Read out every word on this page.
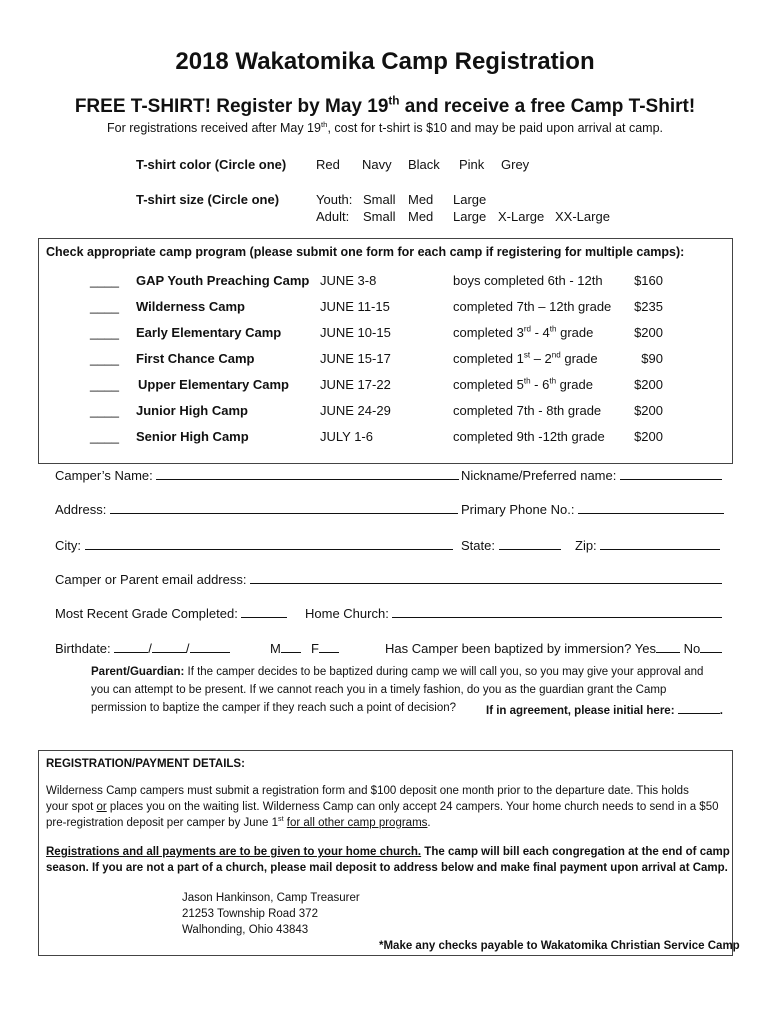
2018 Wakatomika Camp Registration
FREE T-SHIRT! Register by May 19th and receive a free Camp T-Shirt!
For registrations received after May 19th, cost for t-shirt is $10 and may be paid upon arrival at camp.
T-shirt color (Circle one) Red Navy Black Pink Grey
T-shirt size (Circle one)	Youth: Small Med Large
Adult: Small Med Large X-Large XX-Large
Check appropriate camp program (please submit one form for each camp if registering for multiple camps):
____ GAP Youth Preaching Camp JUNE 3-8	boys completed 6th - 12th $160
____ Wilderness Camp	JUNE 11-15	completed 7th – 12th grade $235
____ Early Elementary Camp	JUNE 10-15	completed 3rd - 4th grade	$200
____ First Chance Camp	JUNE 15-17	completed 1st – 2nd grade	$90
____ Upper Elementary Camp JUNE 17-22	completed 5th - 6th grade	$200
____ Junior High Camp	JUNE 24-29	completed 7th - 8th grade	$200
____ Senior High Camp	JULY 1-6	completed 9th -12th grade $200
Camper’s Name:	Nickname/Preferred name:
Address:	Primary Phone No.:
City:	State:	Zip:
Camper or Parent email address:
Most Recent Grade Completed:	Home Church:
Birthdate:	/	/	M	F	Has Camper been baptized by immersion? Yes No
Parent/Guardian: If the camper decides to be baptized during camp we will call you, so you may give your approval and
you can attempt to be present. If we cannot reach you in a timely fashion, do you as the guardian grant the Camp
permission to baptize the camper if they reach such a point of decision?	If in agreement, please initial here:	.
REGISTRATION/PAYMENT DETAILS:
Wilderness Camp campers must submit a registration form and $100 deposit one month prior to the departure date. This holds
your spot or places you on the waiting list. Wilderness Camp can only accept 24 campers. Your home church needs to send in a $50
pre-registration deposit per camper by June 1st for all other camp programs.
Registrations and all payments are to be given to your home church. The camp will bill each congregation at the end of camp
season. If you are not a part of a church, please mail deposit to address below and make final payment upon arrival at Camp.
Jason Hankinson, Camp Treasurer
21253 Township Road 372
Walhonding, Ohio 43843
*Make any checks payable to Wakatomika Christian Service Camp
